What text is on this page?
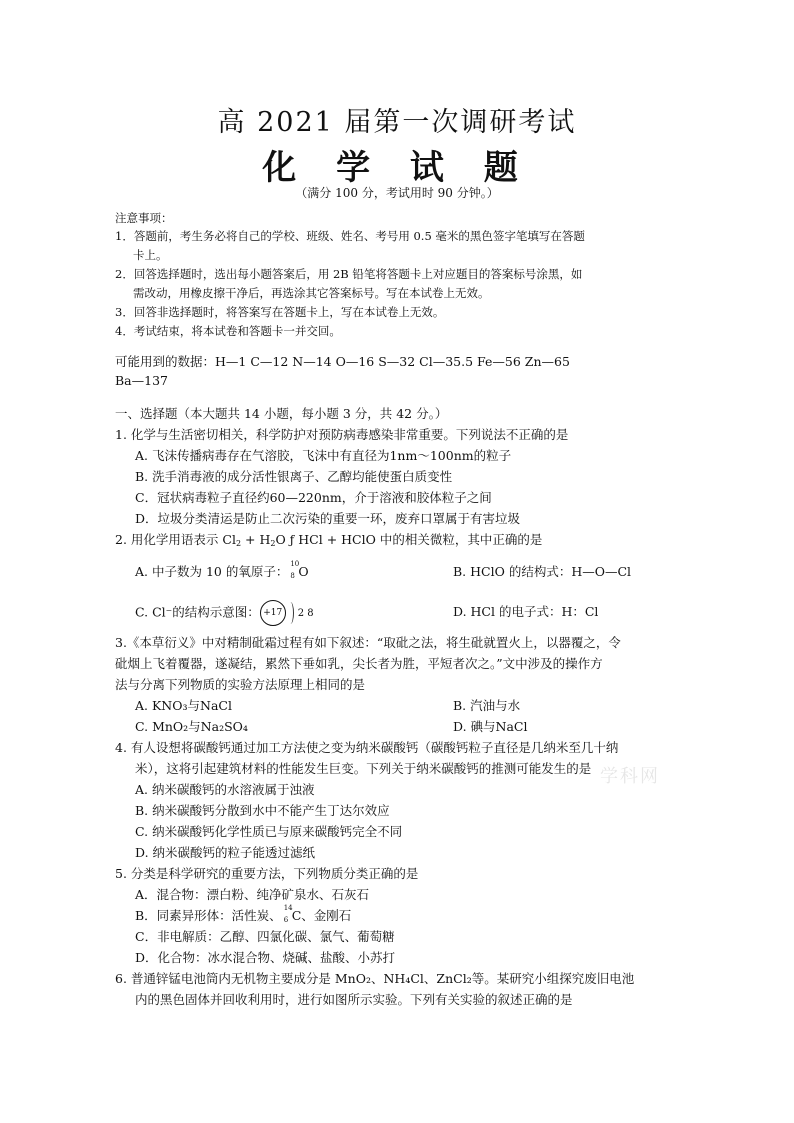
高 2021 届第一次调研考试
化 学 试 题
（满分 100 分，考试用时 90 分钟。）
注意事项：
1．答题前，考生务必将自己的学校、班级、姓名、考号用 0.5 毫米的黑色签字笔填写在答题
卡上。
2．回答选择题时，选出每小题答案后，用 2B 铅笔将答题卡上对应题目的答案标号涂黑，如
需改动，用橡皮擦干净后，再选涂其它答案标号。写在本试卷上无效。
3．回答非选择题时，将答案写在答题卡上，写在本试卷上无效。
4．考试结束，将本试卷和答题卡一并交回。
可能用到的数据：H—1 C—12 N—14 O—16 S—32 Cl—35.5 Fe—56 Zn—65
Ba—137
一、选择题（本大题共 14 小题，每小题 3 分，共 42 分。）
1. 化学与生活密切相关，科学防护对预防病毒感染非常重要。下列说法不正确的是
A. 飞沫传播病毒存在气溶胶，飞沫中有直径为1nm～100nm的粒子
B. 洗手消毒液的成分活性银离子、乙醇均能使蛋白质变性
C．冠状病毒粒子直径约60—220nm，介于溶液和胶体粒子之间
D．垃圾分类清运是防止二次污染的重要一环，废弃口罩属于有害垃圾
2. 用化学用语表示 $Cl_2 + H_2O$ ƒ HCl + HClO 中的相关微粒，其中正确的是
A. 中子数为 10 的氧原子：
10
8 O	B. HClO 的结构式：H—O—Cl
C. Cl⁻的结构示意图： +17	2 8	D. HCl 的电子式：H：Cl
3.《本草衍义》中对精制砒霜过程有如下叙述：“取砒之法，将生砒就置火上，以器覆之，令
砒烟上飞着覆器，遂凝结，累然下垂如乳，尖长者为胜，平短者次之。”文中涉及的操作方
法与分离下列物质的实验方法原理上相同的是
A. KNO₃与NaCl	B. 汽油与水
C. MnO₂与Na₂SO₄	D. 碘与NaCl
4. 有人设想将碳酸钙通过加工方法使之变为纳米碳酸钙（碳酸钙粒子直径是几纳米至几十纳
米），这将引起建筑材料的性能发生巨变。下列关于纳米碳酸钙的推测可能发生的是 学科网
A. 纳米碳酸钙的水溶液属于浊液
B. 纳米碳酸钙分散到水中不能产生丁达尔效应
C. 纳米碳酸钙化学性质已与原来碳酸钙完全不同
D. 纳米碳酸钙的粒子能透过滤纸
5. 分类是科学研究的重要方法，下列物质分类正确的是
A．混合物：漂白粉、纯净矿泉水、石灰石
B．同素异形体：活性炭、
14
6 C、金刚石
C．非电解质：乙醇、四氯化碳、氯气、葡萄糖
D．化合物：冰水混合物、烧碱、盐酸、小苏打
6. 普通锌锰电池筒内无机物主要成分是 MnO₂、NH₄Cl、ZnCl₂等。某研究小组探究废旧电池
内的黑色固体并回收利用时，进行如图所示实验。下列有关实验的叙述正确的是
